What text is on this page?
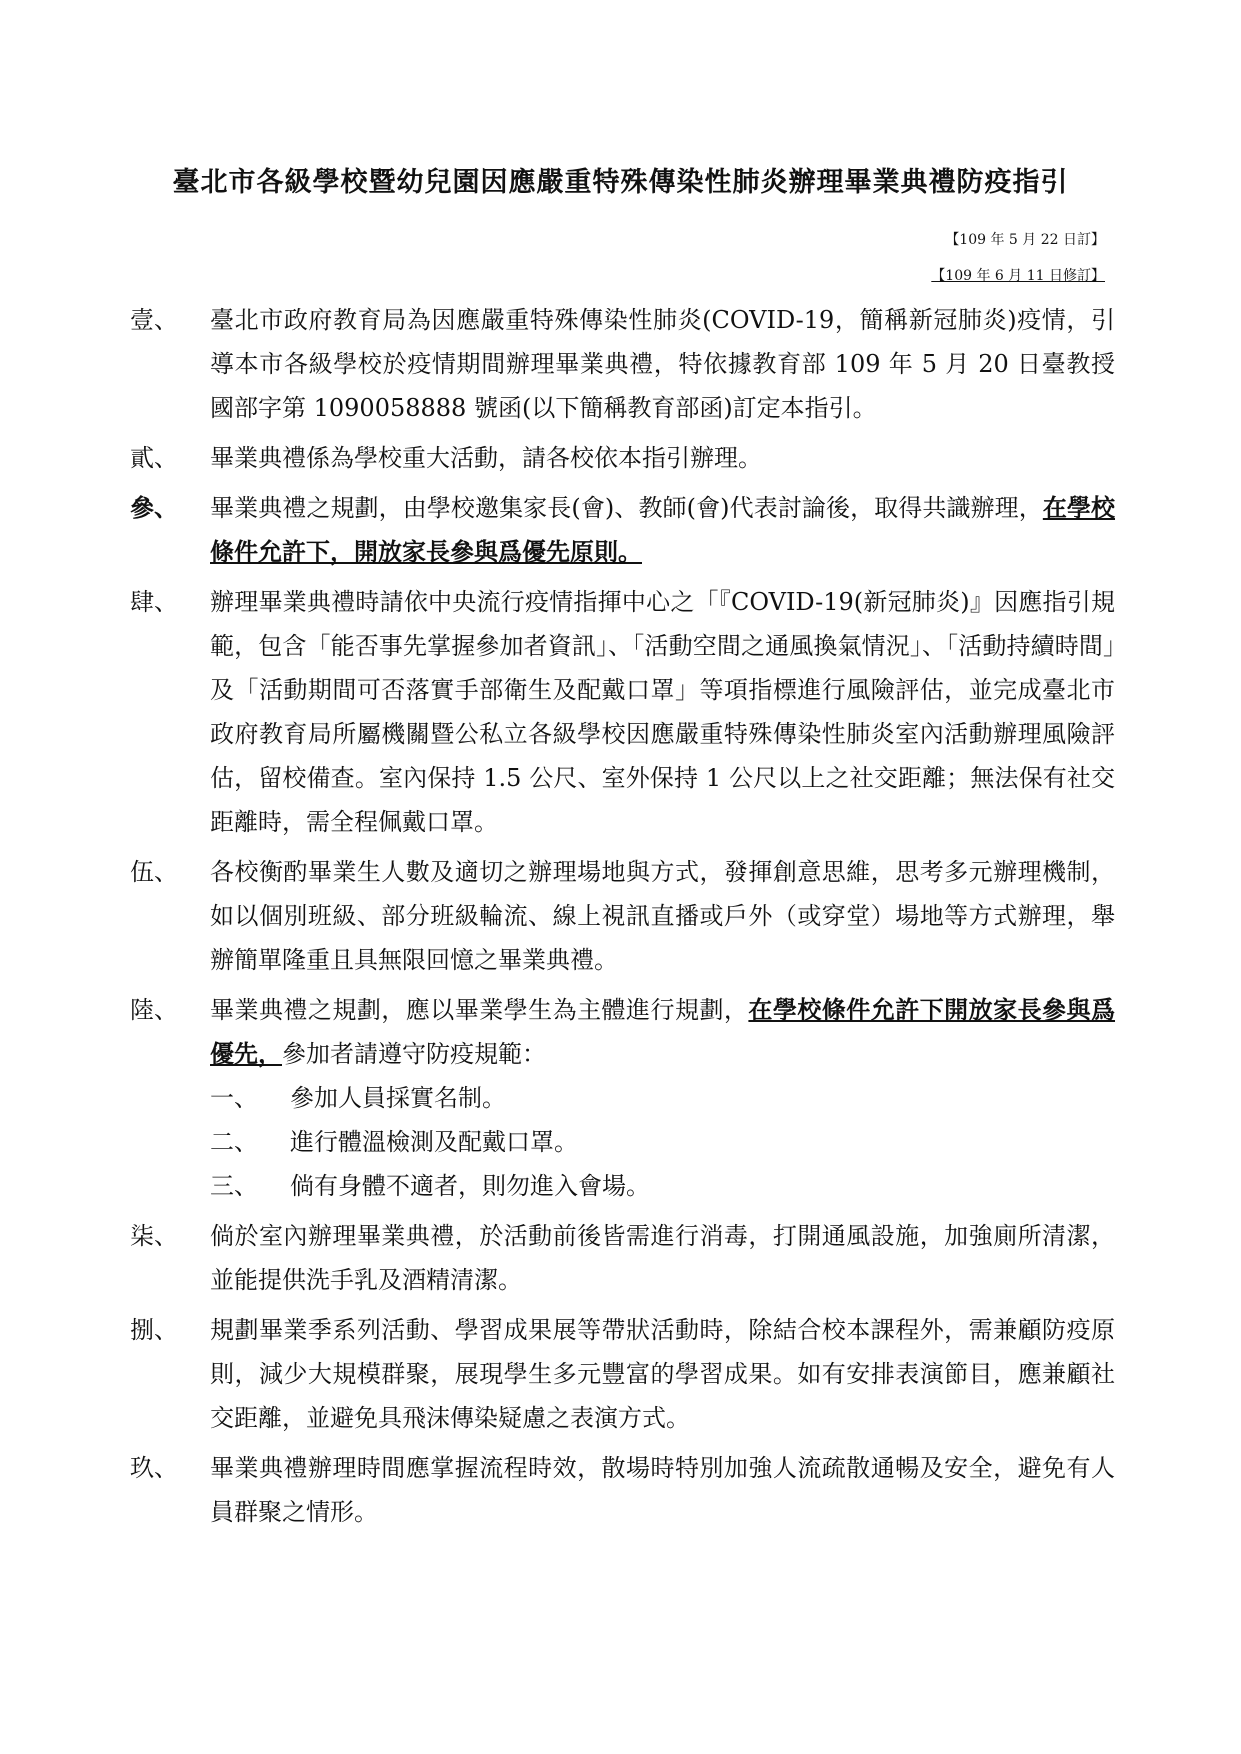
臺北市各級學校暨幼兒園因應嚴重特殊傳染性肺炎辦理畢業典禮防疫指引
【109 年 5 月 22 日訂】
【109 年 6 月 11 日修訂】
壹、 臺北市政府教育局為因應嚴重特殊傳染性肺炎(COVID-19，簡稱新冠肺炎)疫情，引導本市各級學校於疫情期間辦理畢業典禮，特依據教育部 109 年 5 月 20 日臺教授國部字第 1090058888 號函(以下簡稱教育部函)訂定本指引。
貳、 畢業典禮係為學校重大活動，請各校依本指引辦理。
參、 畢業典禮之規劃，由學校邀集家長(會)、教師(會)代表討論後，取得共識辦理，在學校條件允許下，開放家長參與爲優先原則。
肆、 辦理畢業典禮時請依中央流行疫情指揮中心之「『COVID-19(新冠肺炎)』因應指引規範，包含「能否事先掌握參加者資訊」、「活動空間之通風換氣情況」、「活動持續時間」及「活動期間可否落實手部衛生及配戴口罩」等項指標進行風險評估，並完成臺北市政府教育局所屬機關暨公私立各級學校因應嚴重特殊傳染性肺炎室內活動辦理風險評估，留校備查。室內保持 1.5 公尺、室外保持 1 公尺以上之社交距離；無法保有社交距離時，需全程佩戴口罩。
伍、 各校衡酌畢業生人數及適切之辦理場地與方式，發揮創意思維，思考多元辦理機制，如以個別班級、部分班級輪流、線上視訊直播或戶外（或穿堂）場地等方式辦理，舉辦簡單隆重且具無限回憶之畢業典禮。
陸、 畢業典禮之規劃，應以畢業學生為主體進行規劃，在學校條件允許下開放家長參與爲優先，參加者請遵守防疫規範：
一、 參加人員採實名制。
二、 進行體溫檢測及配戴口罩。
三、 倘有身體不適者，則勿進入會場。
柒、 倘於室內辦理畢業典禮，於活動前後皆需進行消毒，打開通風設施，加強廁所清潔，並能提供洗手乳及酒精清潔。
捌、 規劃畢業季系列活動、學習成果展等帶狀活動時，除結合校本課程外，需兼顧防疫原則，減少大規模群聚，展現學生多元豐富的學習成果。如有安排表演節目，應兼顧社交距離，並避免具飛沫傳染疑慮之表演方式。
玖、 畢業典禮辦理時間應掌握流程時效，散場時特別加強人流疏散通暢及安全，避免有人員群聚之情形。
